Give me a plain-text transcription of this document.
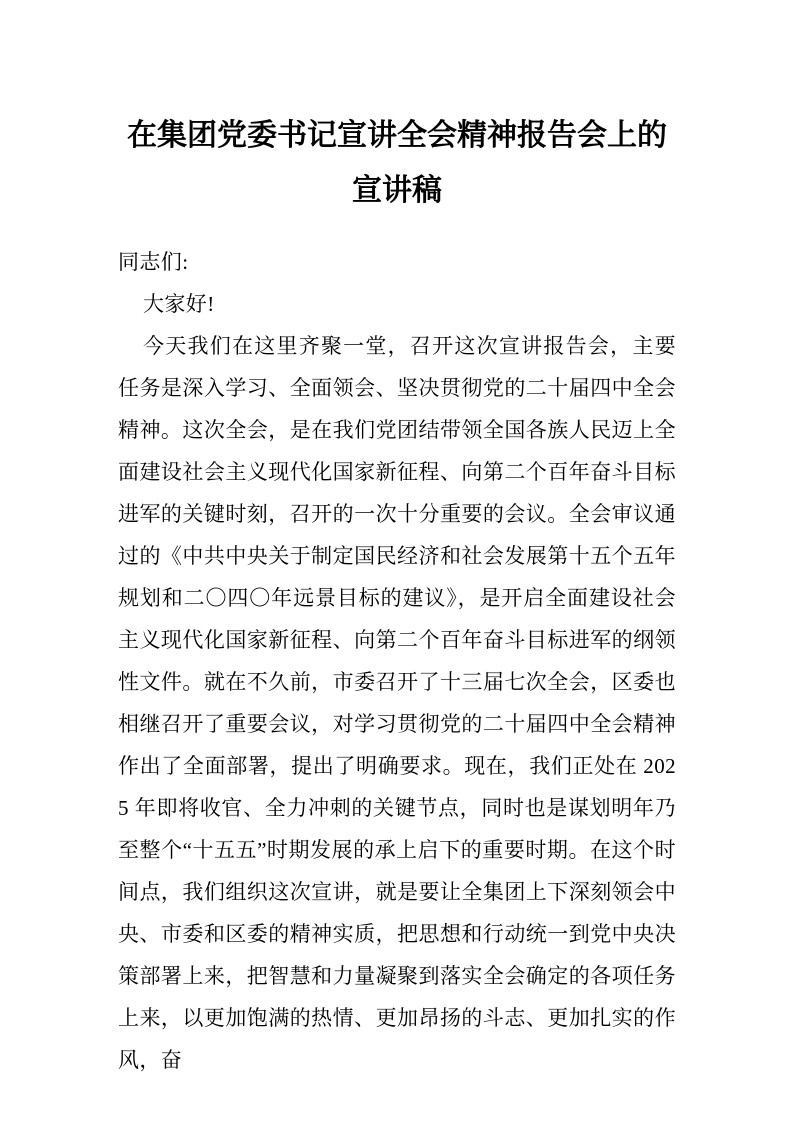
在集团党委书记宣讲全会精神报告会上的宣讲稿

同志们:

大家好!

今天我们在这里齐聚一堂，召开这次宣讲报告会，主要任务是深入学习、全面领会、坚决贯彻党的二十届四中全会精神。这次全会，是在我们党团结带领全国各族人民迈上全面建设社会主义现代化国家新征程、向第二个百年奋斗目标进军的关键时刻，召开的一次十分重要的会议。全会审议通过的《中共中央关于制定国民经济和社会发展第十五个五年规划和二〇四〇年远景目标的建议》，是开启全面建设社会主义现代化国家新征程、向第二个百年奋斗目标进军的纲领性文件。就在不久前，市委召开了十三届七次全会，区委也相继召开了重要会议，对学习贯彻党的二十届四中全会精神作出了全面部署，提出了明确要求。现在，我们正处在 2025 年即将收官、全力冲刺的关键节点，同时也是谋划明年乃至整个“十五五”时期发展的承上启下的重要时期。在这个时间点，我们组织这次宣讲，就是要让全集团上下深刻领会中央、市委和区委的精神实质，把思想和行动统一到党中央决策部署上来，把智慧和力量凝聚到落实全会确定的各项任务上来，以更加饱满的热情、更加昂扬的斗志、更加扎实的作风，奋
